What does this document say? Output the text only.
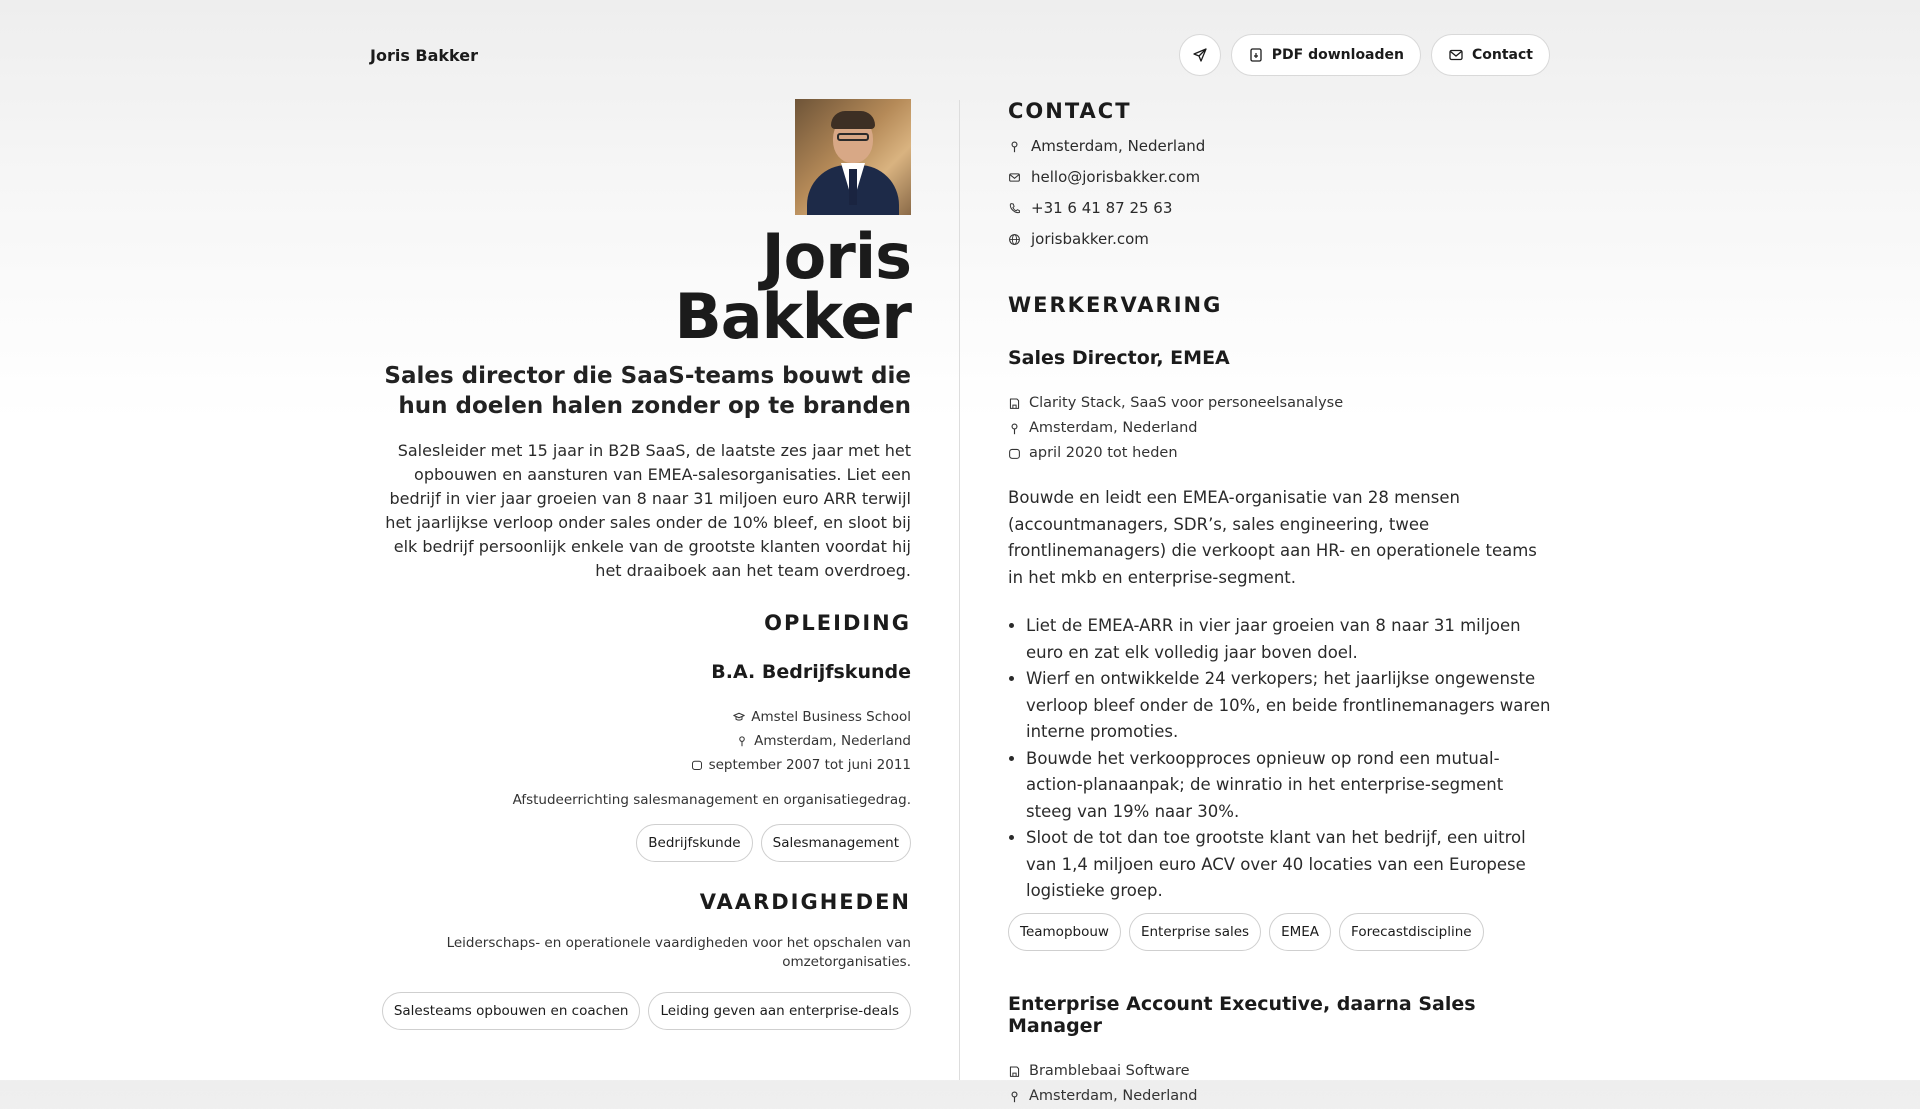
Joris Bakker	PDF downloaden	Contact
Joris
Bakker
Sales director die SaaS-teams bouwt die hun doelen halen zonder op te branden
Salesleider met 15 jaar in B2B SaaS, de laatste zes jaar met het opbouwen en aansturen van EMEA-salesorganisaties. Liet een bedrijf in vier jaar groeien van 8 naar 31 miljoen euro ARR terwijl het jaarlijkse verloop onder sales onder de 10% bleef, en sloot bij elk bedrijf persoonlijk enkele van de grootste klanten voordat hij het draaiboek aan het team overdroeg.
OPLEIDING
B.A. Bedrijfskunde
Amstel Business School
Amsterdam, Nederland
september 2007 tot juni 2011
Afstudeerrichting salesmanagement en organisatiegedrag.
Bedrijfskunde	Salesmanagement
VAARDIGHEDEN
Leiderschaps- en operationele vaardigheden voor het opschalen van omzetorganisaties.
Salesteams opbouwen en coachen	Leiding geven aan enterprise-deals
CONTACT
Amsterdam, Nederland
hello@jorisbakker.com
+31 6 41 87 25 63
jorisbakker.com
WERKERVARING
Sales Director, EMEA
Clarity Stack, SaaS voor personeelsanalyse
Amsterdam, Nederland
april 2020 tot heden
Bouwde en leidt een EMEA-organisatie van 28 mensen (accountmanagers, SDR’s, sales engineering, twee frontlinemanagers) die verkoopt aan HR- en operationele teams in het mkb en enterprise-segment.
• Liet de EMEA-ARR in vier jaar groeien van 8 naar 31 miljoen euro en zat elk volledig jaar boven doel.
• Wierf en ontwikkelde 24 verkopers; het jaarlijkse ongewenste verloop bleef onder de 10%, en beide frontlinemanagers waren interne promoties.
• Bouwde het verkoopproces opnieuw op rond een mutual-action-planaanpak; de winratio in het enterprise-segment steeg van 19% naar 30%.
• Sloot de tot dan toe grootste klant van het bedrijf, een uitrol van 1,4 miljoen euro ACV over 40 locaties van een Europese logistieke groep.
Teamopbouw	Enterprise sales	EMEA	Forecastdiscipline
Enterprise Account Executive, daarna Sales Manager
Bramblebaai Software
Amsterdam, Nederland
